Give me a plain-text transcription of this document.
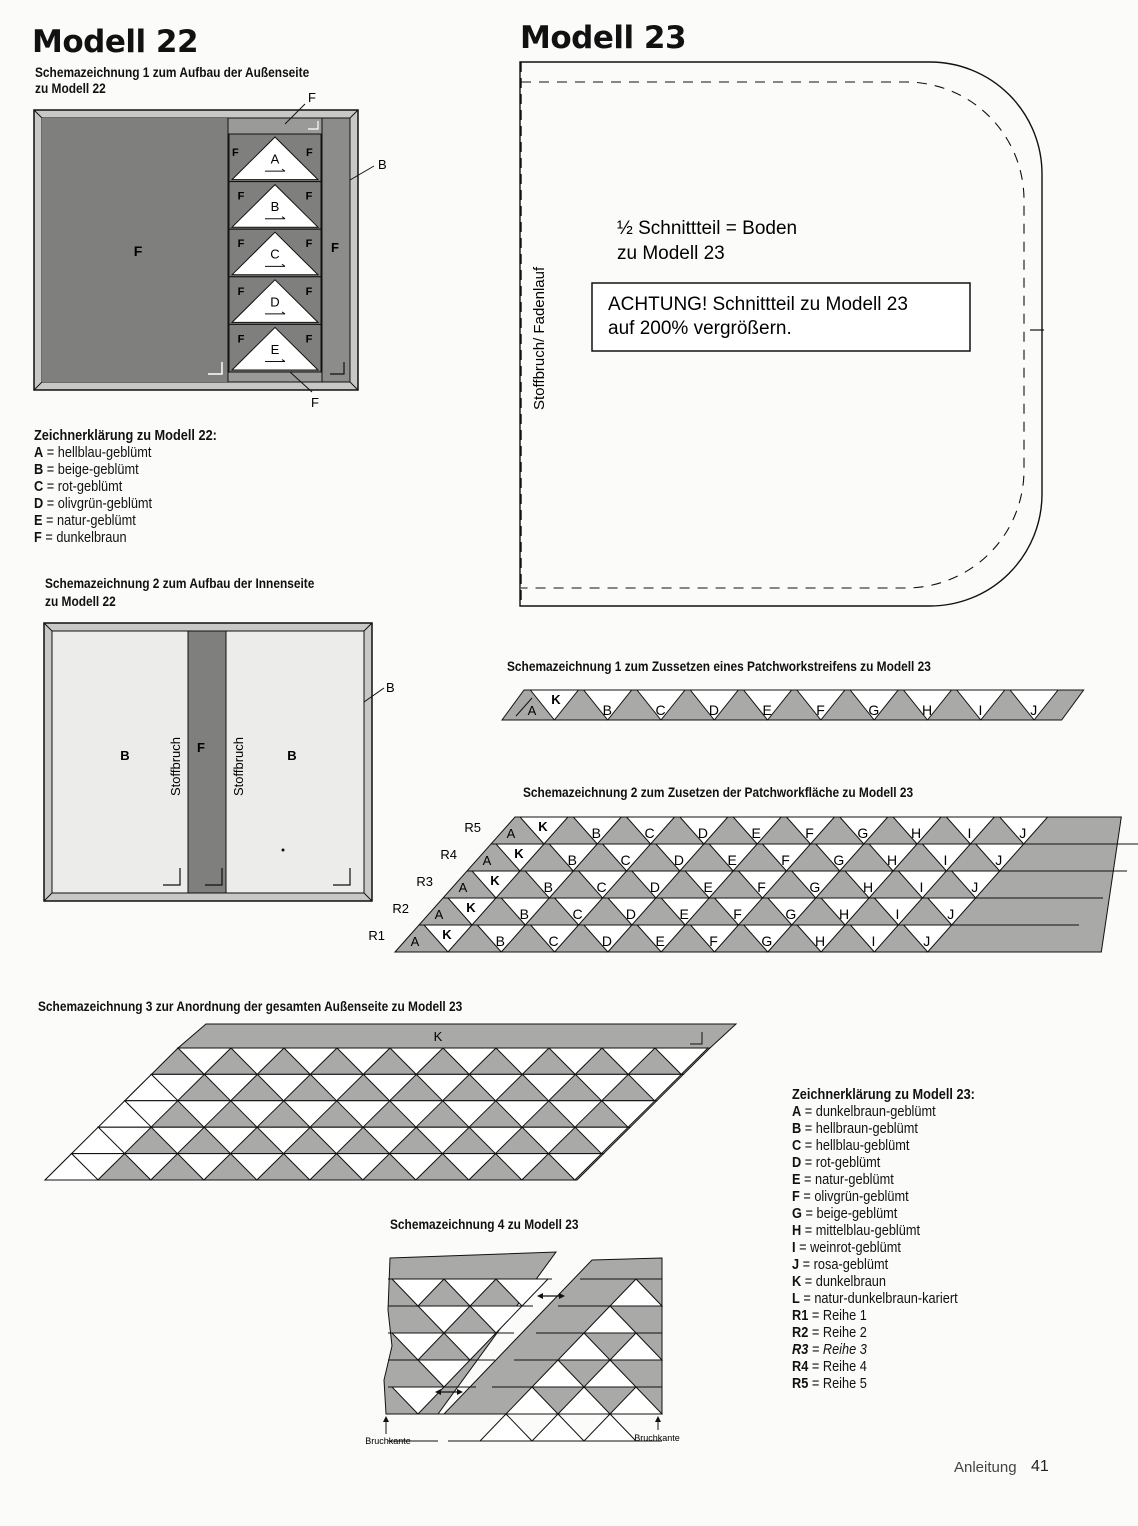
Modell 22	Modell 23
Schemazeichnung 1 zum Aufbau der Außenseite
zu Modell 22
Schemazeichnung 2 zum Aufbau der Innenseite
zu Modell 22
Schemazeichnung 1 zum Zussetzen eines Patchworkstreifens zu Modell 23
Schemazeichnung 2 zum Zusetzen der Patchworkfläche zu Modell 23
Schemazeichnung 3 zur Anordnung der gesamten Außenseite zu Modell 23
Schemazeichnung 4 zu Modell 23
Zeichnerklärung zu Modell 22:
A = hellblau-geblümt
B = beige-geblümt
C = rot-geblümt
D = olivgrün-geblümt
E = natur-geblümt
F = dunkelbraun
Zeichnerklärung zu Modell 23:
A = dunkelbraun-geblümt
B = hellbraun-geblümt
C = hellblau-geblümt
D = rot-geblümt
E = natur-geblümt
F = olivgrün-geblümt
G = beige-geblümt
H = mittelblau-geblümt
I = weinrot-geblümt
J = rosa-geblümt
K = dunkelbraun
L = natur-dunkelbraun-kariert
R1 = Reihe 1
R2 = Reihe 2
R3 = Reihe 3
R4 = Reihe 4
R5 = Reihe 5
Anleitung 41
A
B
F	F
C
F	F
D
F	F
E
F	F
F	F
F	F
F
F
B
B
F
B
Stoffbruch	Stoffbruch
B
½ Schnittteil = Boden
zu Modell 23
Stoffbruch/ Fadenlauf	ACHTUNG! Schnittteil zu Modell 23
auf 200% vergrößern.
A
K
B	C	D	E	F	G	H	I	J
A K	B	C	D	E	F	G	H	I	J
R1
A K	B	C	D	E	F	G	H	I	J
R2
A K	B	C	D	E	F	G	H	I	J
R3
A K	B	C	D	E	F	G	H	I	J
R4
A K	B	C	D	E	F	G	H	I	J
R5
K
Bruchkante	Bruchkante
